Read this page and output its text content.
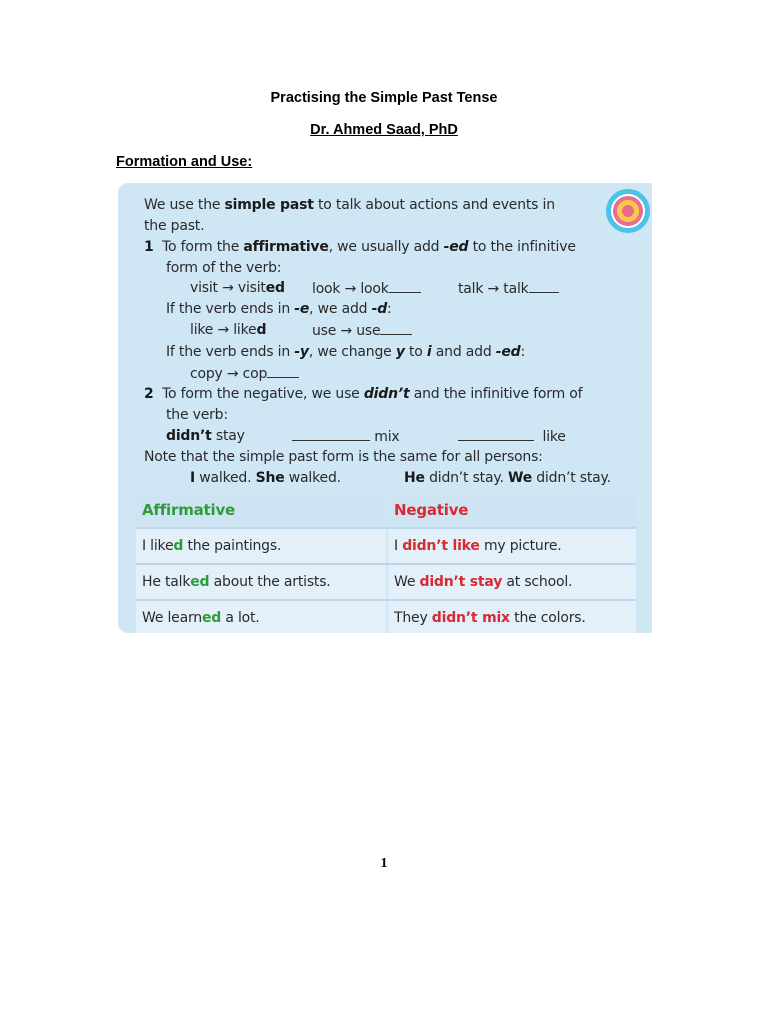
Practising the Simple Past Tense
Dr. Ahmed Saad, PhD
Formation and Use:
We use the simple past to talk about actions and events in
the past.
1 To form the affirmative, we usually add -ed to the infinitive
form of the verb:
visit → visited look → look	talk → talk
If the verb ends in -e, we add -d:
like → liked	use → use
If the verb ends in -y, we change y to i and add -ed:
copy → cop
2 To form the negative, we use didn’t and the infinitive form of
the verb:
didn’t stay	mix	like
Note that the simple past form is the same for all persons:
I walked. She walked.	He didn’t stay. We didn’t stay.
Affirmative	Negative
I liked the paintings.	I didn’t like my picture.
He talked about the artists.	We didn’t stay at school.
We learned a lot.	They didn’t mix the colors.
1
